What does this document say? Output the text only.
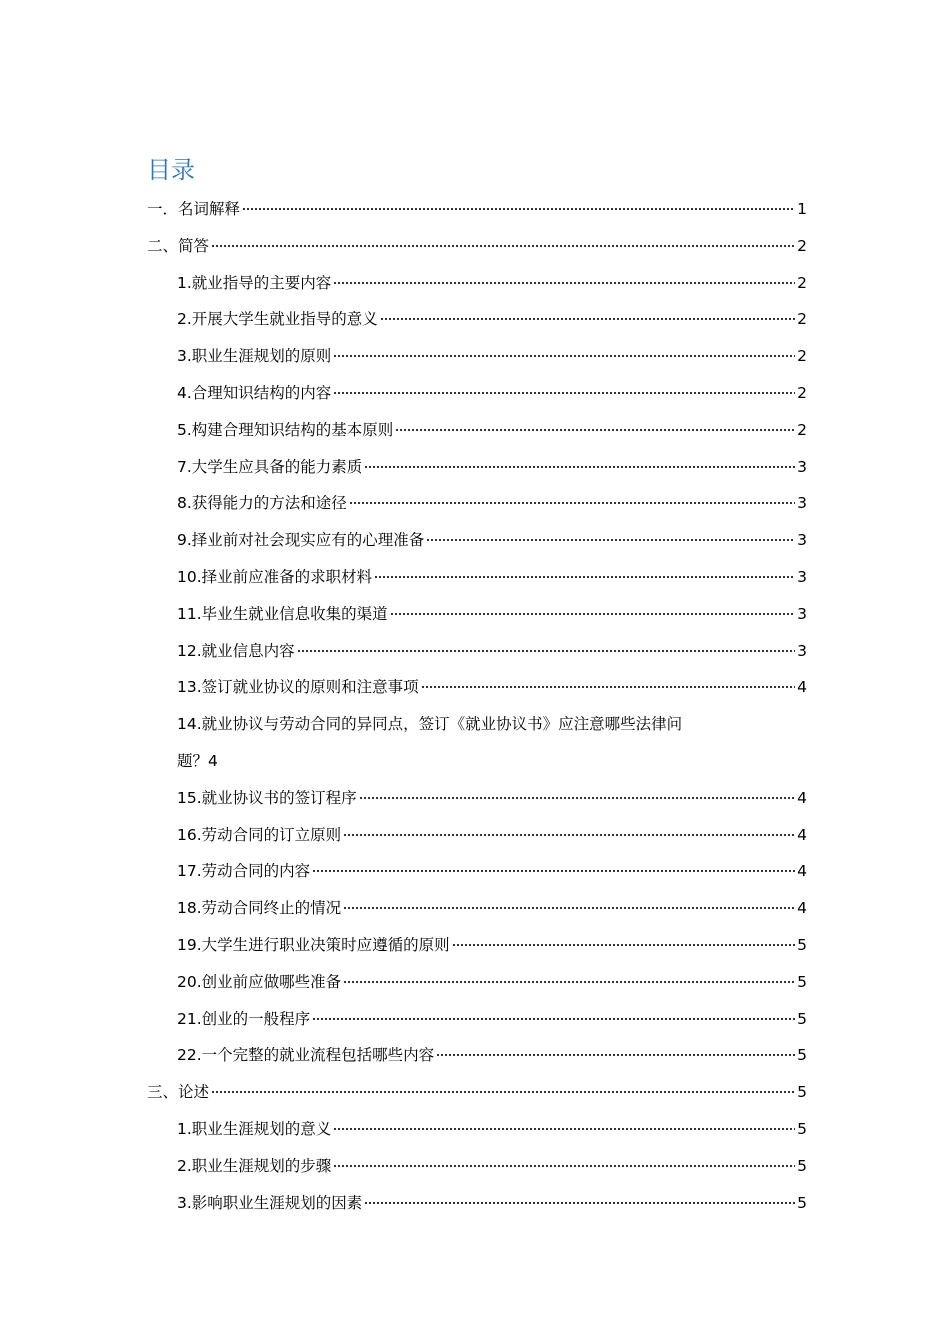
目录
一．名词解释	1
二、简答	2
1.就业指导的主要内容	2
2.开展大学生就业指导的意义	2
3.职业生涯规划的原则	2
4.合理知识结构的内容	2
5.构建合理知识结构的基本原则	2
7.大学生应具备的能力素质	3
8.获得能力的方法和途径	3
9.择业前对社会现实应有的心理准备	3
10.择业前应准备的求职材料	3
11.毕业生就业信息收集的渠道	3
12.就业信息内容	3
13.签订就业协议的原则和注意事项	4
14.就业协议与劳动合同的异同点，签订《就业协议书》应注意哪些法律问
题？ 4
15.就业协议书的签订程序	4
16.劳动合同的订立原则	4
17.劳动合同的内容	4
18.劳动合同终止的情况	4
19.大学生进行职业决策时应遵循的原则	5
20.创业前应做哪些准备	5
21.创业的一般程序	5
22.一个完整的就业流程包括哪些内容	5
三、论述	5
1.职业生涯规划的意义	5
2.职业生涯规划的步骤	5
3.影响职业生涯规划的因素	5
